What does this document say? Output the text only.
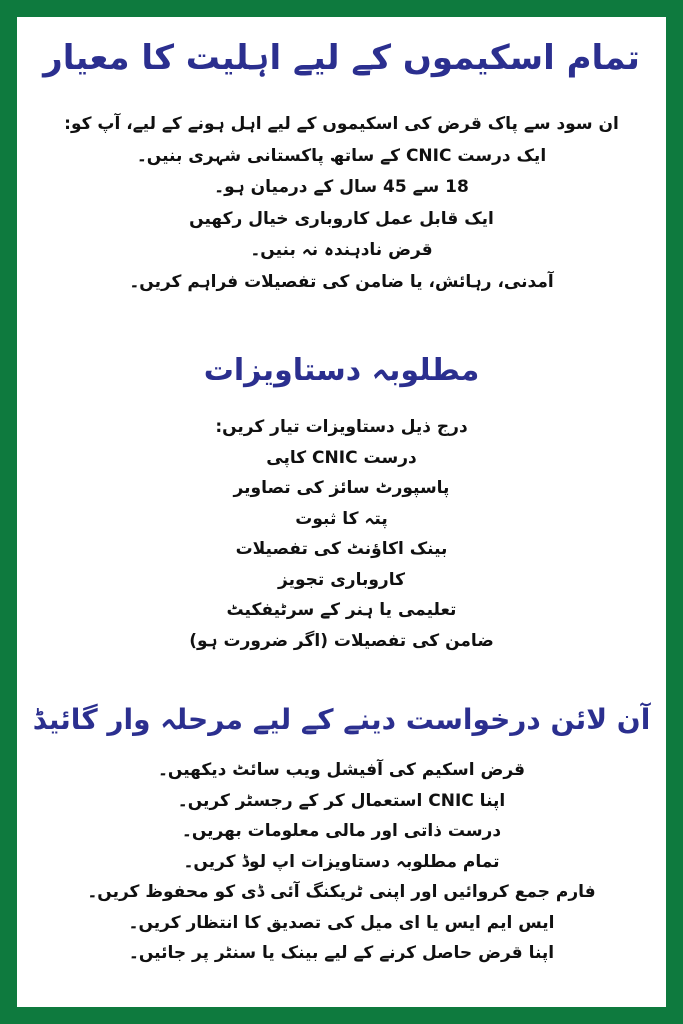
تمام اسکیموں کے لیے اہلیت کا معیار
ان سود سے پاک قرض کی اسکیموں کے لیے اہل ہونے کے لیے، آپ کو:
ایک درست CNIC کے ساتھ پاکستانی شہری بنیں۔
18 سے 45 سال کے درمیان ہو۔
ایک قابل عمل کاروباری خیال رکھیں
قرض نادہندہ نہ بنیں۔
آمدنی، رہائش، یا ضامن کی تفصیلات فراہم کریں۔
مطلوبہ دستاویزات
درج ذیل دستاویزات تیار کریں:
درست CNIC کاپی
پاسپورٹ سائز کی تصاویر
پتہ کا ثبوت
بینک اکاؤنٹ کی تفصیلات
کاروباری تجویز
تعلیمی یا ہنر کے سرٹیفکیٹ
ضامن کی تفصیلات (اگر ضرورت ہو)
آن لائن درخواست دینے کے لیے مرحلہ وار گائیڈ
قرض اسکیم کی آفیشل ویب سائٹ دیکھیں۔
اپنا CNIC استعمال کر کے رجسٹر کریں۔
درست ذاتی اور مالی معلومات بھریں۔
تمام مطلوبہ دستاویزات اپ لوڈ کریں۔
فارم جمع کروائیں اور اپنی ٹریکنگ آئی ڈی کو محفوظ کریں۔
ایس ایم ایس یا ای میل کی تصدیق کا انتظار کریں۔
اپنا قرض حاصل کرنے کے لیے بینک یا سنٹر پر جائیں۔
